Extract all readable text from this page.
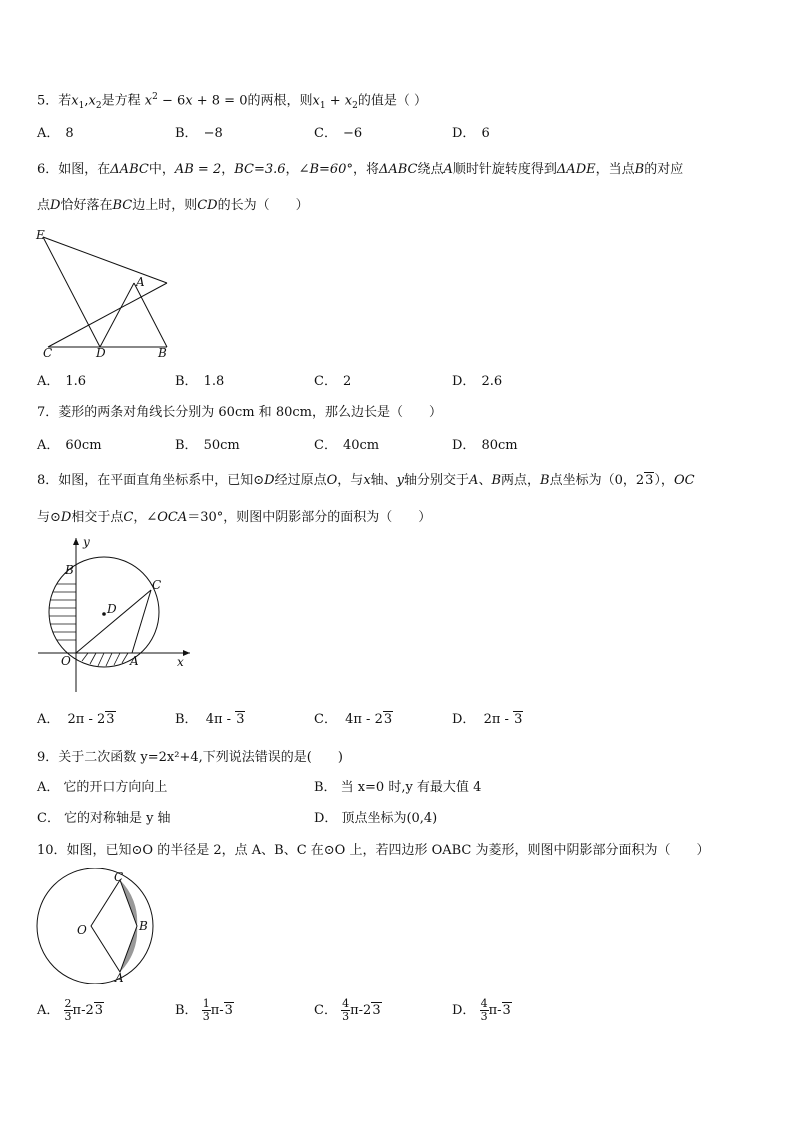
5．若$x_1,x_2$是方程 $x^2 - 6x + 8 = 0$的两根，则$x_1 + x_2$的值是（ ）
A． 8	B． −8	C． −6	D． 6
6．如图，在ΔABC中，AB = 2，BC=3.6，∠B=60°，将ΔABC绕点A顺时针旋转度得到ΔADE，当点B的对应
点D恰好落在BC边上时，则CD的长为（　　）
E
A
C	D	B
A． 1.6	B． 1.8	C． 2	D． 2.6
7．菱形的两条对角线长分别为 60cm 和 80cm，那么边长是（　　）
A． 60cm	B． 50cm	C． 40cm	D． 80cm
8．如图，在平面直角坐标系中，已知⊙D经过原点O，与x轴、y轴分别交于A、B两点，B点坐标为（0，23），OC
与⊙D相交于点C，∠OCA＝30°，则图中阴影部分的面积为（　　）
y
x
B
C
D
O	A
A． 2π - 23	B． 4π - 3	C． 4π - 23	D． 2π - 3
9．关于二次函数 y=2x²+4,下列说法错误的是(　　)
A． 它的开口方向向上	B． 当 x=0 时,y 有最大值 4
C． 它的对称轴是 y 轴	D． 顶点坐标为(0,4)
10．如图，已知⊙O 的半径是 2，点 A、B、C 在⊙O 上，若四边形 OABC 为菱形，则图中阴影部分面积为（　　）
C
O	B
A
A． $\frac{2}{3} \pi-23$	B． $\frac{1}{3} \pi-3$	C． $\frac{4}{3} \pi-23$	D． $\frac{4}{3} \pi-3$
